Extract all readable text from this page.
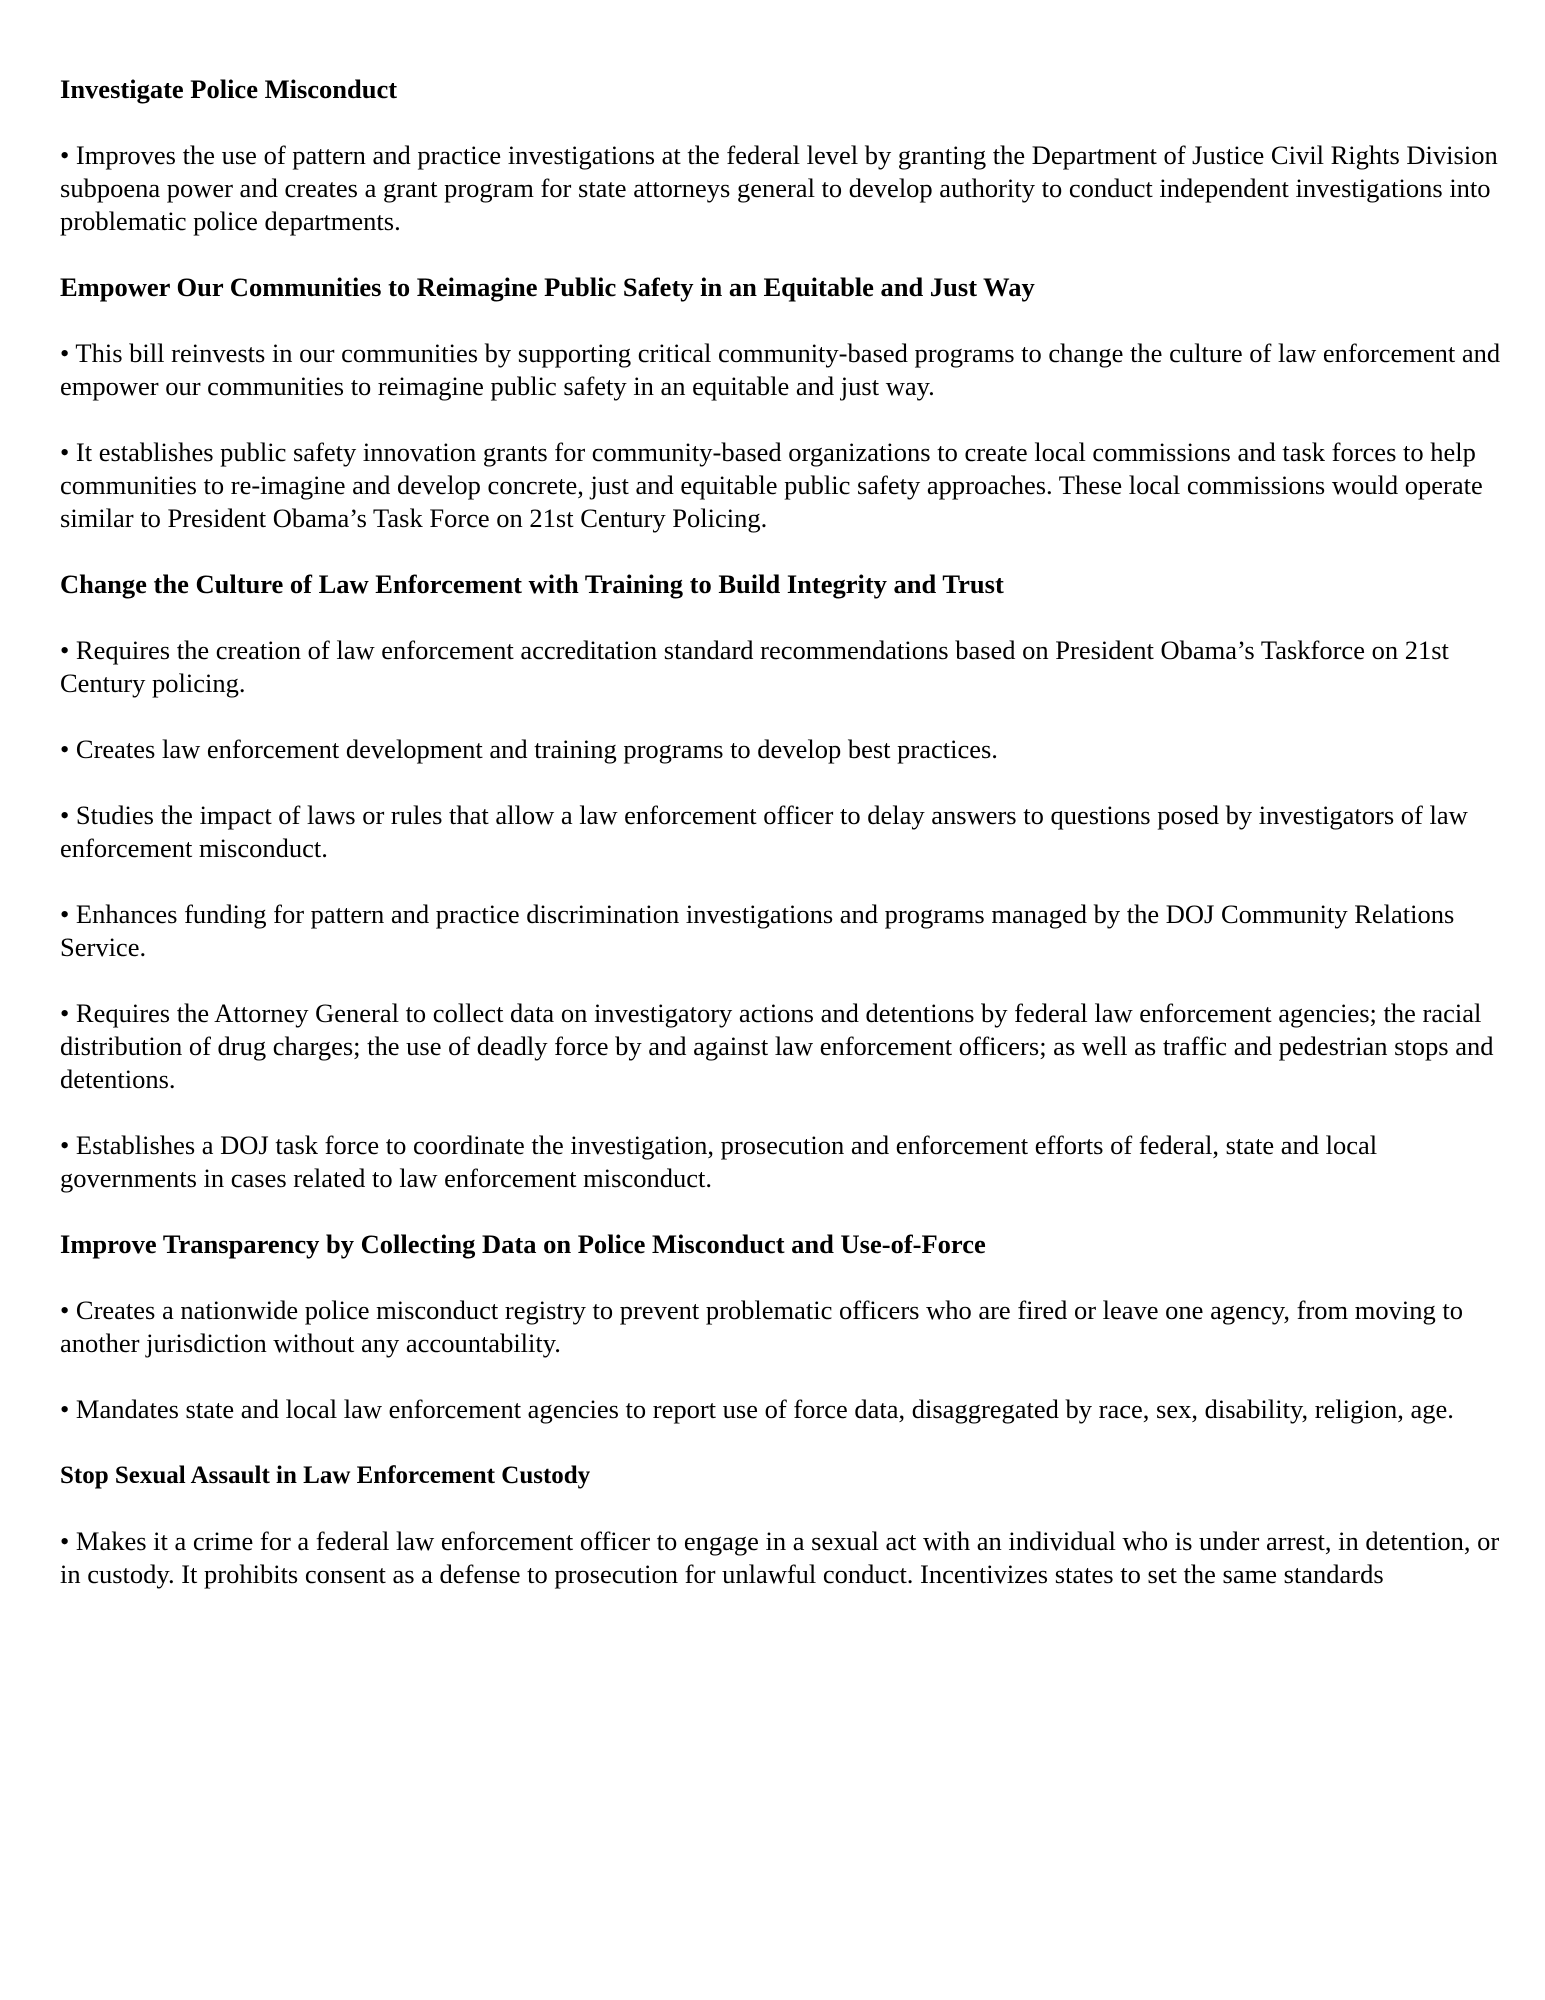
Investigate Police Misconduct

• Improves the use of pattern and practice investigations at the federal level by granting the Department of Justice Civil Rights Division subpoena power and creates a grant program for state attorneys general to develop authority to conduct independent investigations into problematic police departments.

Empower Our Communities to Reimagine Public Safety in an Equitable and Just Way

• This bill reinvests in our communities by supporting critical community-based programs to change the culture of law enforcement and empower our communities to reimagine public safety in an equitable and just way.

• It establishes public safety innovation grants for community-based organizations to create local commissions and task forces to help communities to re-imagine and develop concrete, just and equitable public safety approaches. These local commissions would operate similar to President Obama’s Task Force on 21st Century Policing.

Change the Culture of Law Enforcement with Training to Build Integrity and Trust

• Requires the creation of law enforcement accreditation standard recommendations based on President Obama’s Taskforce on 21st Century policing.

• Creates law enforcement development and training programs to develop best practices.

• Studies the impact of laws or rules that allow a law enforcement officer to delay answers to questions posed by investigators of law enforcement misconduct.

• Enhances funding for pattern and practice discrimination investigations and programs managed by the DOJ Community Relations Service.

• Requires the Attorney General to collect data on investigatory actions and detentions by federal law enforcement agencies; the racial distribution of drug charges; the use of deadly force by and against law enforcement officers; as well as traffic and pedestrian stops and detentions.

• Establishes a DOJ task force to coordinate the investigation, prosecution and enforcement efforts of federal, state and local governments in cases related to law enforcement misconduct.

Improve Transparency by Collecting Data on Police Misconduct and Use-of-Force

• Creates a nationwide police misconduct registry to prevent problematic officers who are fired or leave one agency, from moving to another jurisdiction without any accountability.

• Mandates state and local law enforcement agencies to report use of force data, disaggregated by race, sex, disability, religion, age.

Stop Sexual Assault in Law Enforcement Custody

• Makes it a crime for a federal law enforcement officer to engage in a sexual act with an individual who is under arrest, in detention, or in custody. It prohibits consent as a defense to prosecution for unlawful conduct. Incentivizes states to set the same standards
